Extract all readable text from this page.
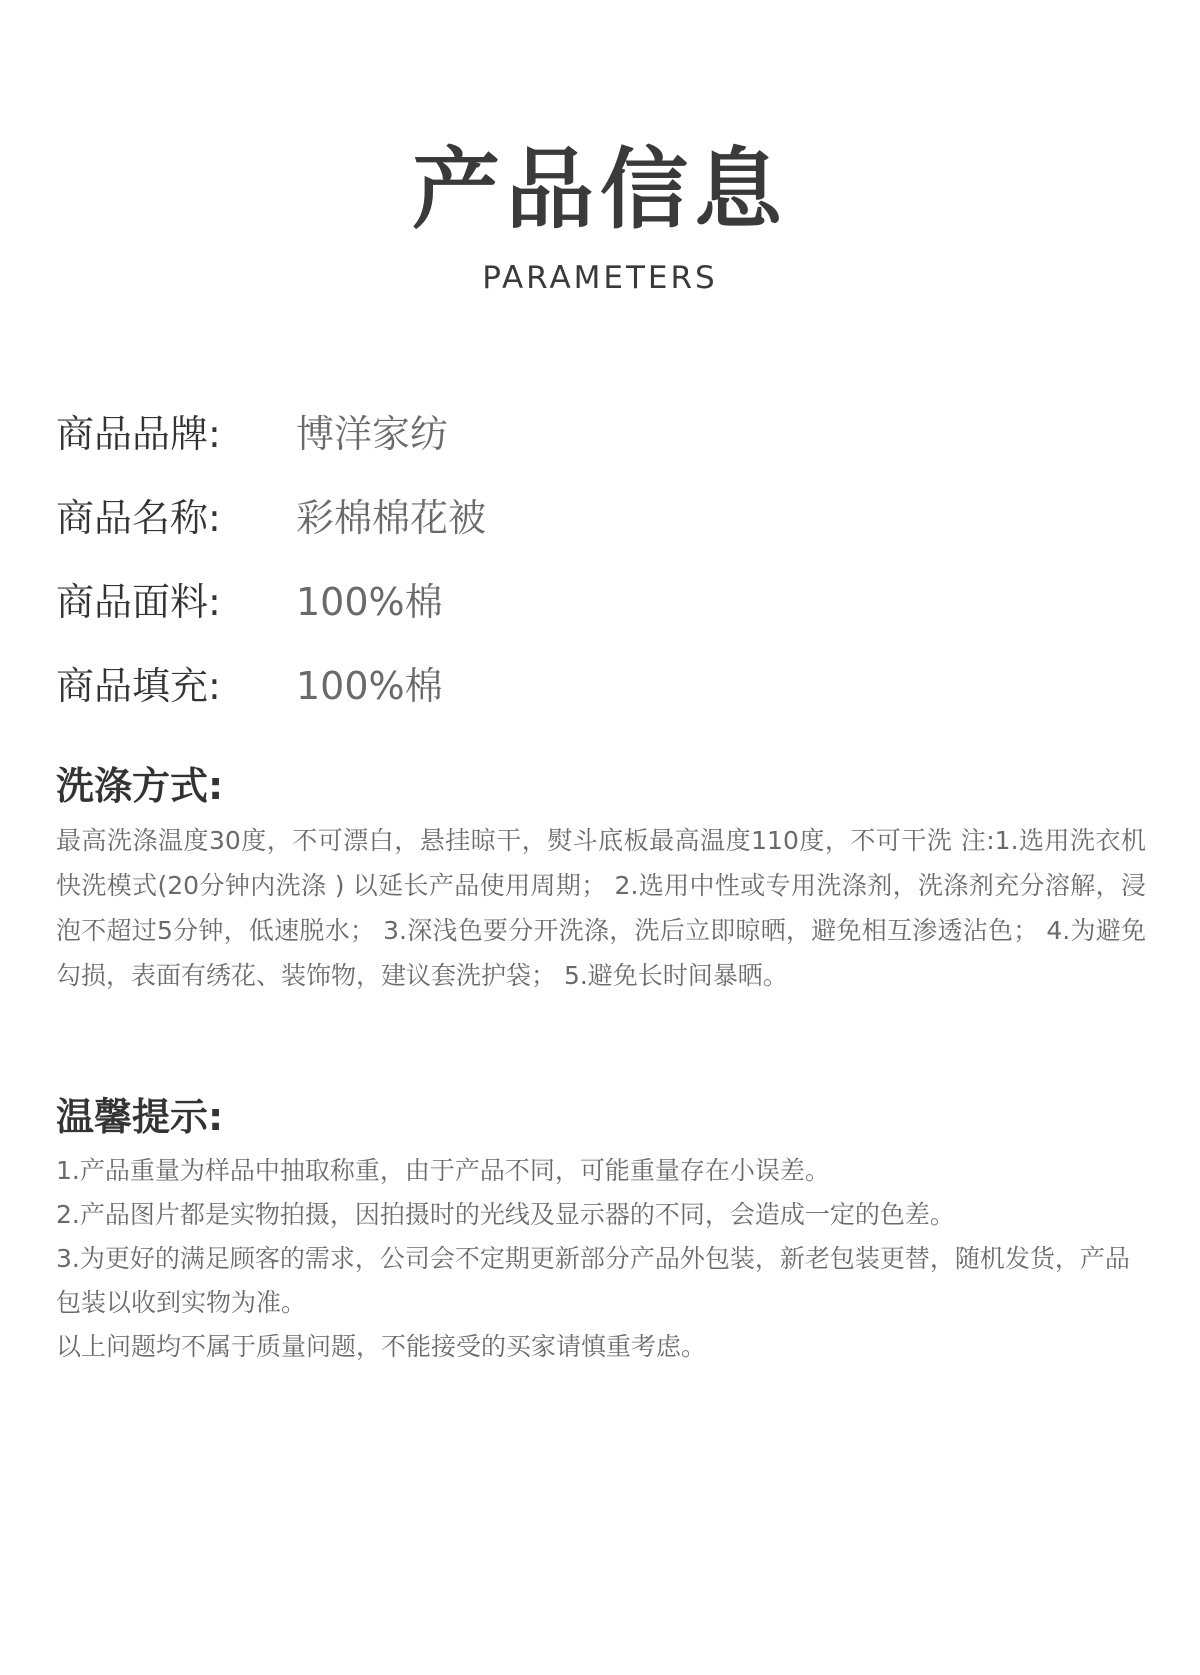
产品信息
PARAMETERS
商品品牌:	博洋家纺
商品名称:	彩棉棉花被
商品面料:	100%棉
商品填充:	100%棉
洗涤方式:

最高洗涤温度30度，不可漂白，悬挂晾干，熨斗底板最高温度110度，不可干洗 注:1.选用洗衣机快洗模式(20分钟内洗涤 ) 以延长产品使用周期； 2.选用中性或专用洗涤剂，洗涤剂充分溶解，浸泡不超过5分钟，低速脱水； 3.深浅色要分开洗涤，洗后立即晾晒，避免相互渗透沾色； 4.为避免勾损，表面有绣花、装饰物，建议套洗护袋； 5.避免长时间暴晒。

温馨提示:

1.产品重量为样品中抽取称重，由于产品不同，可能重量存在小误差。

2.产品图片都是实物拍摄，因拍摄时的光线及显示器的不同，会造成一定的色差。

3.为更好的满足顾客的需求，公司会不定期更新部分产品外包装，新老包装更替，随机发货，产品包装以收到实物为准。

以上问题均不属于质量问题，不能接受的买家请慎重考虑。
